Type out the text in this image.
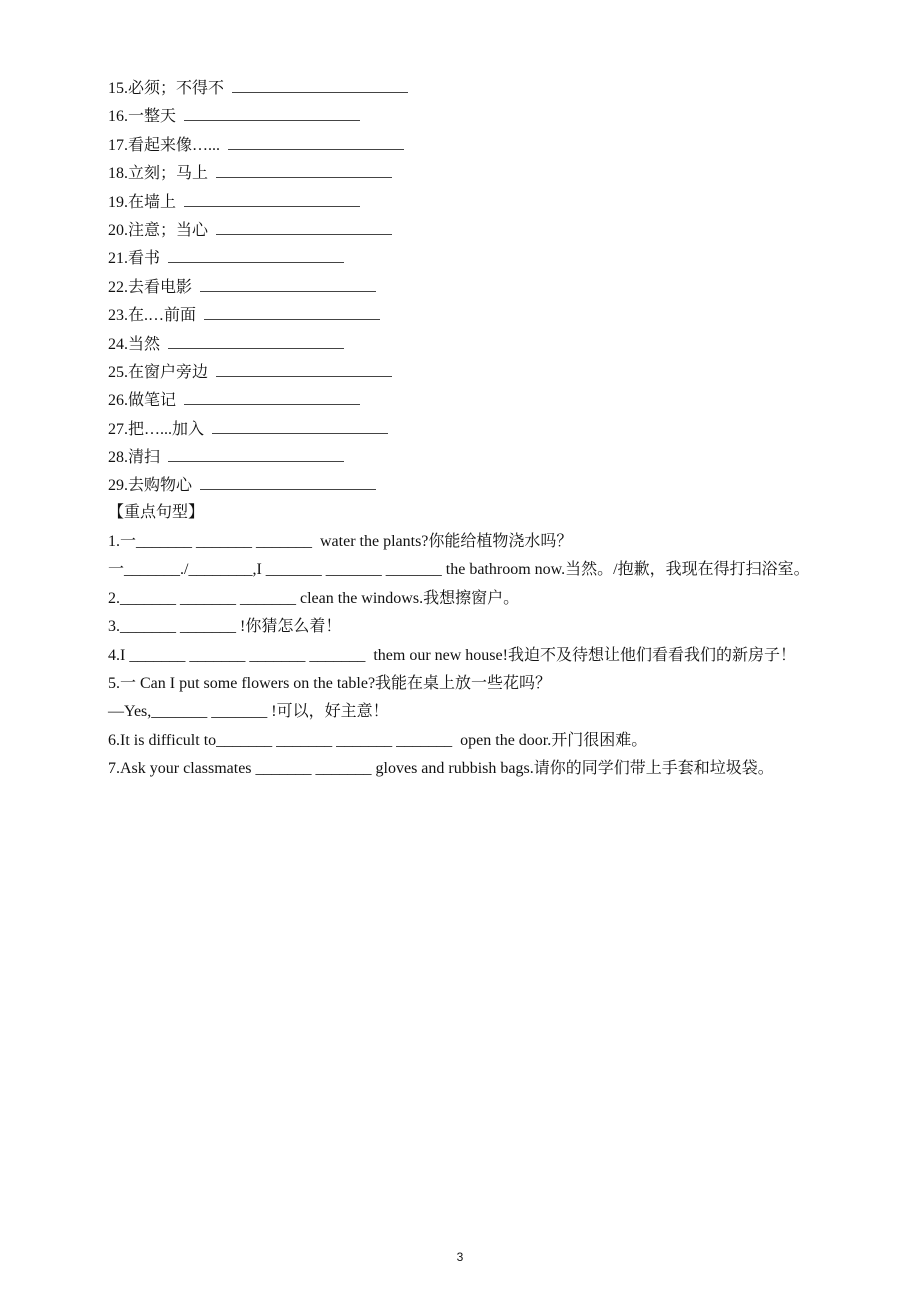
15.必须；不得不
16.一整天
17.看起来像…...
18.立刻；马上
19.在墙上
20.注意；当心
21.看书
22.去看电影
23.在.…前面
24.当然
25.在窗户旁边
26.做笔记
27.把…...加入
28.清扫
29.去购物心
【重点句型】
1.一_______ _______ _______  water the plants?你能给植物浇水吗？
一_______./________,I _______ _______ _______ the bathroom now.当然。/抱歉，我现在得打扫浴室。
2._______ _______ _______ clean the windows.我想擦窗户。
3._______ _______ !你猜怎么着！
4.I _______ _______ _______ _______  them our new house!我迫不及待想让他们看看我们的新房子！
5.一 Can I put some flowers on the table?我能在桌上放一些花吗？
—Yes,_______ _______ !可以，好主意！
6.It is difficult to_______ _______ _______ _______  open the door.开门很困难。
7.Ask your classmates _______ _______ gloves and rubbish bags.请你的同学们带上手套和垃圾袋。
3
